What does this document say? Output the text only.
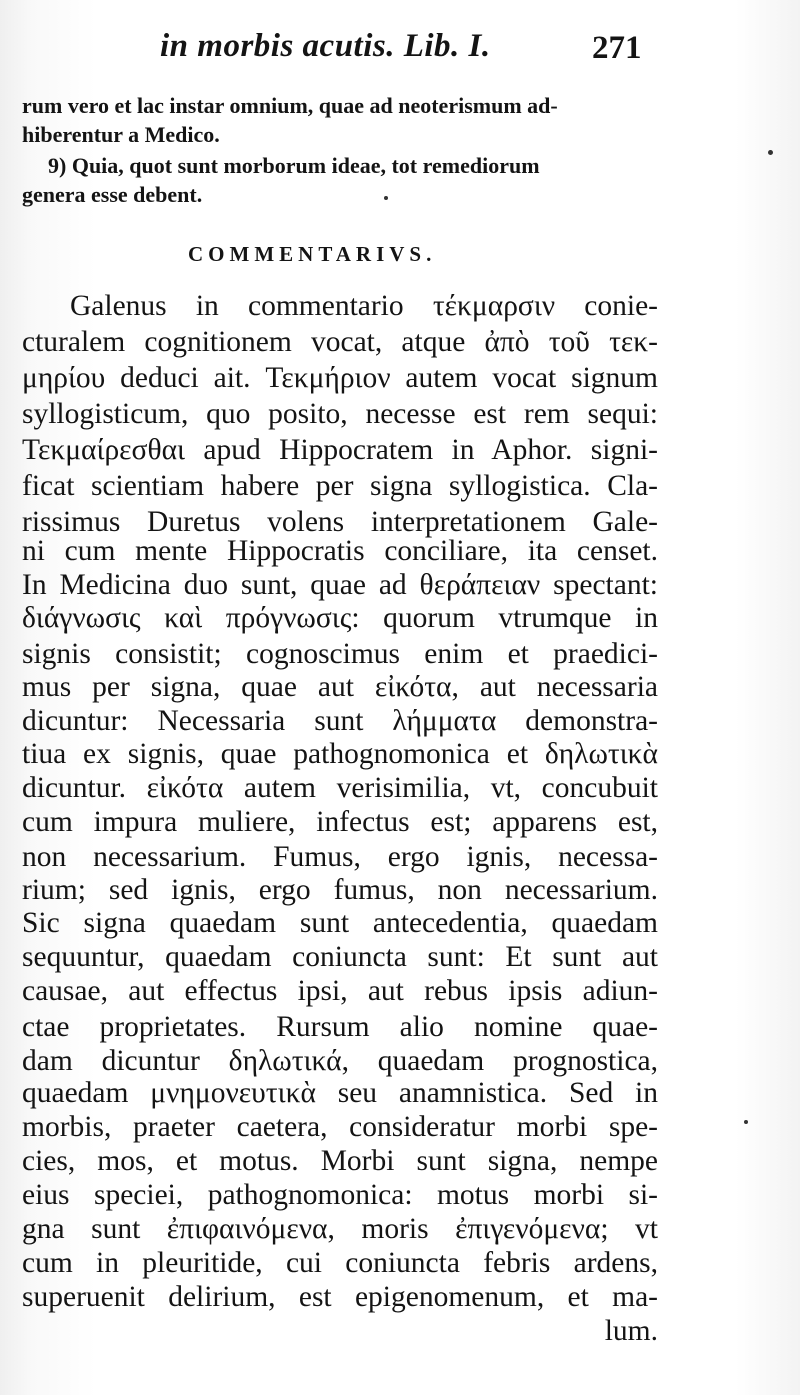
in morbis acutis. Lib. I.	271
rum vero et lac instar omnium, quae ad neoterismum ad-
hiberentur a Medico.
9) Quia, quot sunt morborum ideae, tot remediorum
genera esse debent.
COMMENTARIVS.
Galenus in commentario τέκμαρσιν conie-
cturalem cognitionem vocat, atque ἀπὸ τοῦ τεκ-
μηρίου deduci ait. Τεκμήριον autem vocat signum
syllogisticum, quo posito, necesse est rem sequi:
Τεκμαίρεσθαι apud Hippocratem in Aphor. signi-
ficat scientiam habere per signa syllogistica. Cla-
rissimus Duretus volens interpretationem Gale-
ni cum mente Hippocratis conciliare, ita censet.
In Medicina duo sunt, quae ad θεράπειαν spectant:
διάγνωσις καὶ πρόγνωσις: quorum vtrumque in
signis consistit; cognoscimus enim et praedici-
mus per signa, quae aut εἰκότα, aut necessaria
dicuntur: Necessaria sunt λήμματα demonstra-
tiua ex signis, quae pathognomonica et δηλωτικὰ
dicuntur. εἰκότα autem verisimilia, vt, concubuit
cum impura muliere, infectus est; apparens est,
non necessarium. Fumus, ergo ignis, necessa-
rium; sed ignis, ergo fumus, non necessarium.
Sic signa quaedam sunt antecedentia, quaedam
sequuntur, quaedam coniuncta sunt: Et sunt aut
causae, aut effectus ipsi, aut rebus ipsis adiun-
ctae proprietates. Rursum alio nomine quae-
dam dicuntur δηλωτικά, quaedam prognostica,
quaedam μνημονευτικὰ seu anamnistica. Sed in
morbis, praeter caetera, consideratur morbi spe-
cies, mos, et motus. Morbi sunt signa, nempe
eius speciei, pathognomonica: motus morbi si-
gna sunt ἐπιφαινόμενα, moris ἐπιγενόμενα; vt
cum in pleuritide, cui coniuncta febris ardens,
superuenit delirium, est epigenomenum, et ma-
lum.
